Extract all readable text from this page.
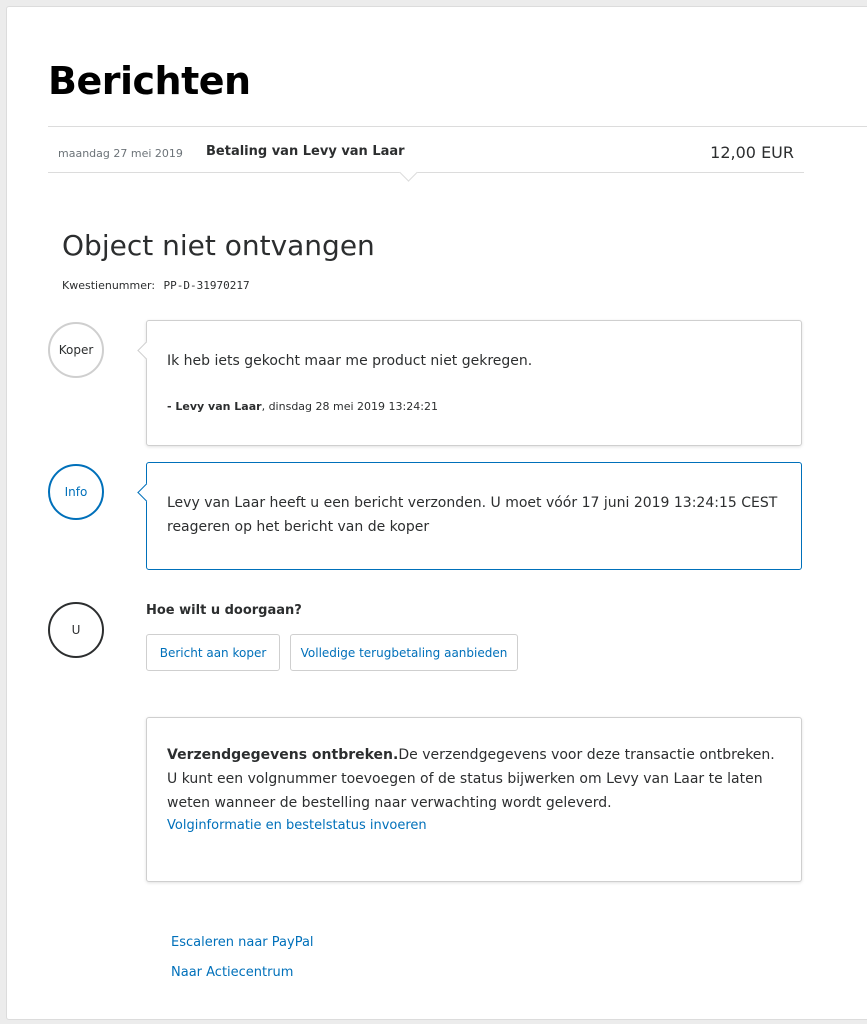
Berichten
maandag 27 mei 2019 Betaling van Levy van Laar	12,00 EUR
Object niet ontvangen
Kwestienummer: PP-D-31970217
Koper
Ik heb iets gekocht maar me product niet gekregen.
- Levy van Laar, dinsdag 28 mei 2019 13:24:21
Info
Levy van Laar heeft u een bericht verzonden. U moet vóór 17 juni 2019 13:24:15 CEST reageren op het bericht van de koper
U
Hoe wilt u doorgaan?
Bericht aan koper	Volledige terugbetaling aanbieden
Verzendgegevens ontbreken.De verzendgegevens voor deze transactie ontbreken. U kunt een volgnummer toevoegen of de status bijwerken om Levy van Laar te laten weten wanneer de bestelling naar verwachting wordt geleverd.
Volginformatie en bestelstatus invoeren
Escaleren naar PayPal
Naar Actiecentrum
